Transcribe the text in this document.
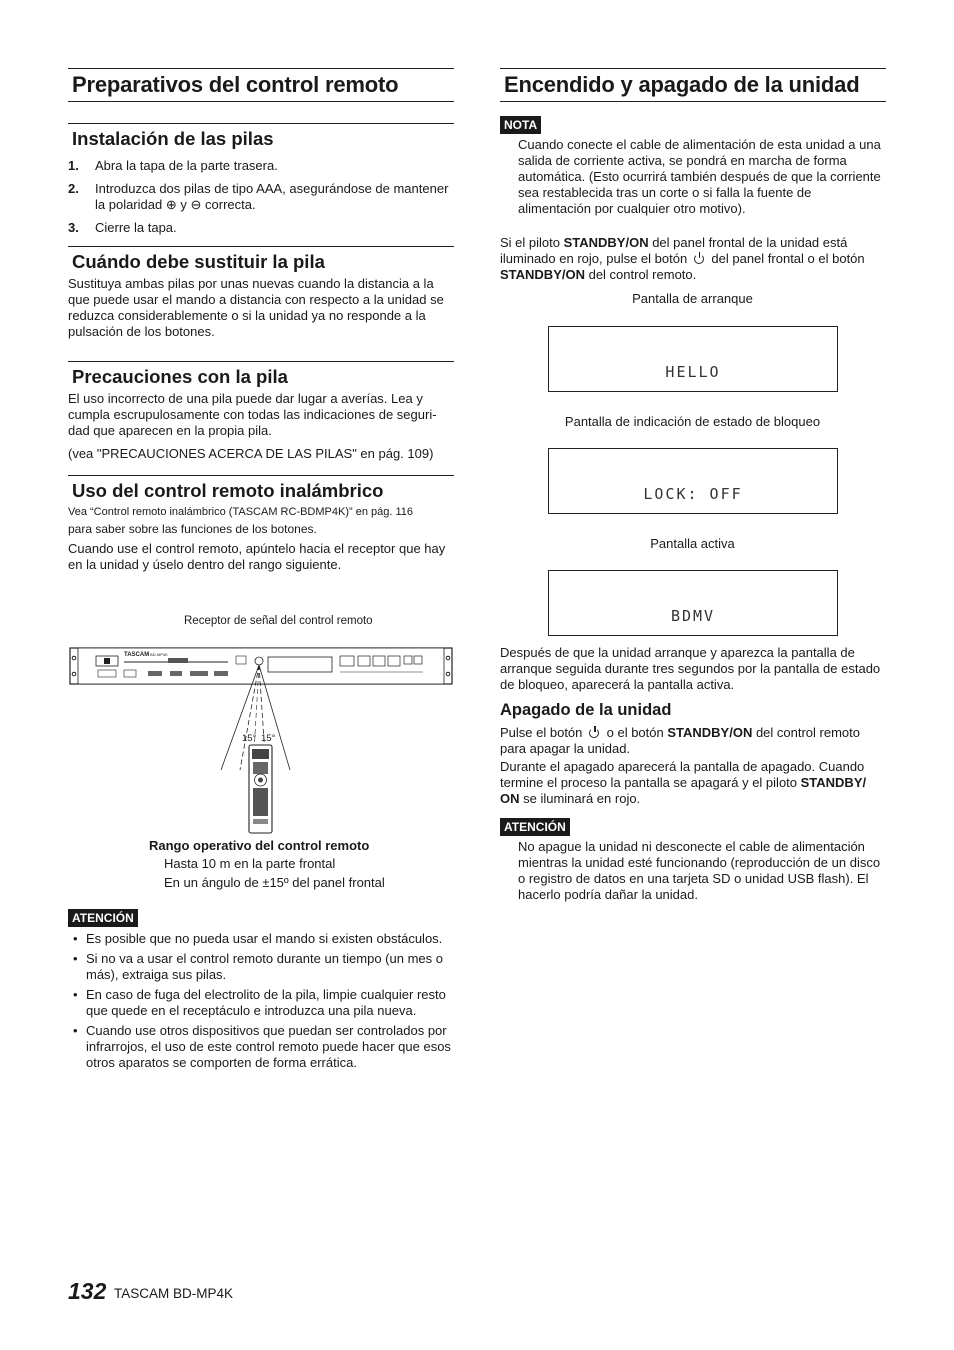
Preparativos del control remoto
Instalación de las pilas
1. Abra la tapa de la parte trasera.
2. Introduzca dos pilas de tipo AAA, asegurándose de mantener la polaridad ⊕ y ⊖ correcta.
3. Cierre la tapa.
Cuándo debe sustituir la pila

Sustituya ambas pilas por unas nuevas cuando la distancia a la que puede usar el mando a distancia con respecto a la unidad se reduzca considerablemente o si la unidad ya no responde a la pulsación de los botones.

Precauciones con la pila

El uso incorrecto de una pila puede dar lugar a averías. Lea y cumpla escrupulosamente con todas las indicaciones de seguri-dad que aparecen en la propia pila.

(vea "PRECAUCIONES ACERCA DE LAS PILAS" en pág. 109)

Uso del control remoto inalámbrico

Vea “Control remoto inalámbrico (TASCAM RC-BDMP4K)” en pág. 116

para saber sobre las funciones de los botones.

Cuando use el control remoto, apúntelo hacia el receptor que hay en la unidad y úselo dentro del rango siguiente.

Receptor de señal del control remoto
TASCAM BD-MP4K
15° 15°
Rango operativo del control remoto
Hasta 10 m en la parte frontal
En un ángulo de ±15º del panel frontal
ATENCIÓN
• Es posible que no pueda usar el mando si existen obstáculos.
• Si no va a usar el control remoto durante un tiempo (un mes o más), extraiga sus pilas.
• En caso de fuga del electrolito de la pila, limpie cualquier resto que quede en el receptáculo e introduzca una pila nueva.
• Cuando use otros dispositivos que puedan ser controlados por infrarrojos, el uso de este control remoto puede hacer que esos otros aparatos se comporten de forma errática.
Encendido y apagado de la unidad
NOTA

Cuando conecte el cable de alimentación de esta unidad a una salida de corriente activa, se pondrá en marcha de forma automática. (Esto ocurrirá también después de que la corriente sea restablecida tras un corte o si falla la fuente de alimentación por cualquier otro motivo).

Si el piloto STANDBY/ON del panel frontal de la unidad está iluminado en rojo, pulse el botón  del panel frontal o el botón STANDBY/ON del control remoto.

Pantalla de arranque
HELLO
Pantalla de indicación de estado de bloqueo
LOCK: OFF
Pantalla activa
BDMV

Después de que la unidad arranque y aparezca la pantalla de arranque seguida durante tres segundos por la pantalla de estado de bloqueo, aparecerá la pantalla activa.

Apagado de la unidad

Pulse el botón  o el botón STANDBY/ON del control remoto para apagar la unidad.

Durante el apagado aparecerá la pantalla de apagado. Cuando termine el proceso la pantalla se apagará y el piloto STANDBY/ ON se iluminará en rojo.

ATENCIÓN

No apague la unidad ni desconecte el cable de alimentación mientras la unidad esté funcionando (reproducción de un disco o registro de datos en una tarjeta SD o unidad USB flash). El hacerlo podría dañar la unidad.

132 TASCAM BD-MP4K
